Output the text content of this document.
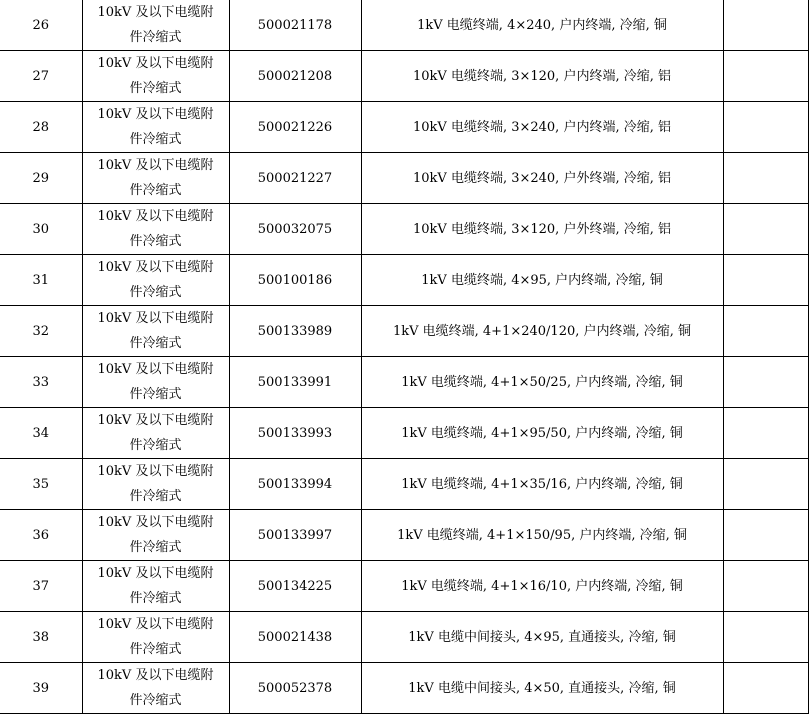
26	10kV 及以下电缆附
件冷缩式	500021178	1kV 电缆终端, 4×240, 户内终端, 冷缩, 铜	
27	10kV 及以下电缆附
件冷缩式	500021208	10kV 电缆终端, 3×120, 户内终端, 冷缩, 铝	
28	10kV 及以下电缆附
件冷缩式	500021226	10kV 电缆终端, 3×240, 户内终端, 冷缩, 铝	
29	10kV 及以下电缆附
件冷缩式	500021227	10kV 电缆终端, 3×240, 户外终端, 冷缩, 铝	
30	10kV 及以下电缆附
件冷缩式	500032075	10kV 电缆终端, 3×120, 户外终端, 冷缩, 铝	
31	10kV 及以下电缆附
件冷缩式	500100186	1kV 电缆终端, 4×95, 户内终端, 冷缩, 铜	
32	10kV 及以下电缆附
件冷缩式	500133989	1kV 电缆终端, 4+1×240/120, 户内终端, 冷缩, 铜	
33	10kV 及以下电缆附
件冷缩式	500133991	1kV 电缆终端, 4+1×50/25, 户内终端, 冷缩, 铜	
34	10kV 及以下电缆附
件冷缩式	500133993	1kV 电缆终端, 4+1×95/50, 户内终端, 冷缩, 铜	
35	10kV 及以下电缆附
件冷缩式	500133994	1kV 电缆终端, 4+1×35/16, 户内终端, 冷缩, 铜	
36	10kV 及以下电缆附
件冷缩式	500133997	1kV 电缆终端, 4+1×150/95, 户内终端, 冷缩, 铜	
37	10kV 及以下电缆附
件冷缩式	500134225	1kV 电缆终端, 4+1×16/10, 户内终端, 冷缩, 铜	
38	10kV 及以下电缆附
件冷缩式	500021438	1kV 电缆中间接头, 4×95, 直通接头, 冷缩, 铜	
39	10kV 及以下电缆附
件冷缩式	500052378	1kV 电缆中间接头, 4×50, 直通接头, 冷缩, 铜	
